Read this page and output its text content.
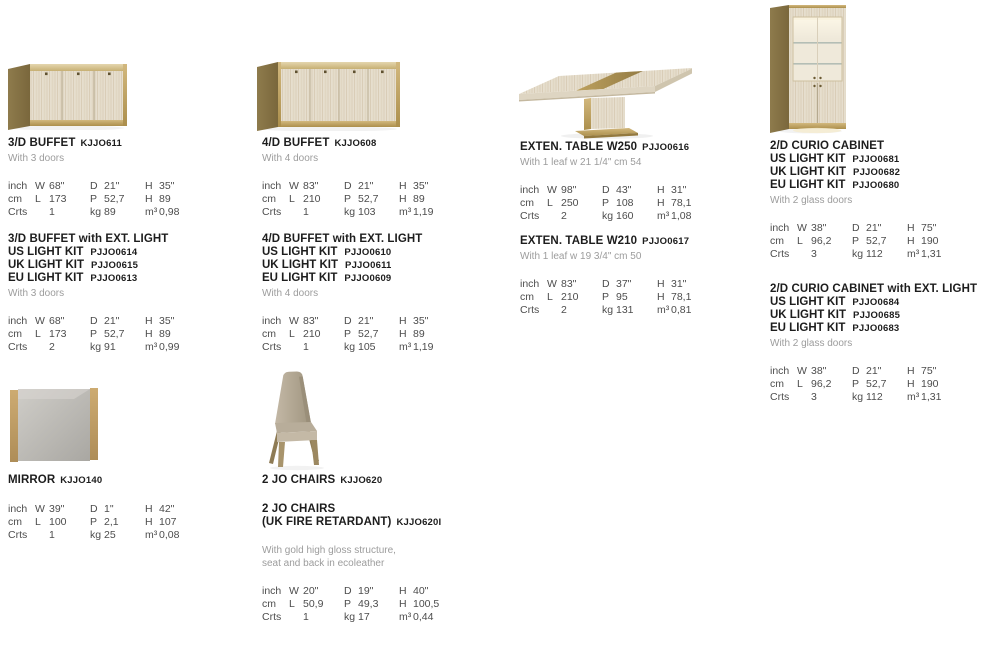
3/D BUFFET KJJO611
With 3 doors
inch W 68" D 21" H 35"
cm	L 173 P 52,7 H 89
Crts	1	kg 89	m³ 0,98
3/D BUFFET with EXT. LIGHT
US LIGHT KIT PJJO0614
UK LIGHT KIT PJJO0615
EU LIGHT KIT PJJO0613
With 3 doors
inch W 68" D 21" H 35"
cm	L 173 P 52,7 H 89
Crts	2	kg 91	m³ 0,99
MIRROR KJJO140
inch W 39" D 1"	H 42"
cm	L 100 P 2,1	H 107
Crts	1	kg 25	m³ 0,08
4/D BUFFET KJJO608
With 4 doors
inch W 83" D 21" H 35"
cm	L 210 P 52,7 H 89
Crts	1	kg 103 m³ 1,19
4/D BUFFET with EXT. LIGHT
US LIGHT KIT PJJO0610
UK LIGHT KIT PJJO0611
EU LIGHT KIT PJJO0609
With 4 doors
inch W 83" D 21" H 35"
cm	L 210 P 52,7 H 89
Crts	1	kg 105 m³ 1,19
2 JO CHAIRS KJJO620
2 JO CHAIRS
(UK FIRE RETARDANT) KJJO620I
With gold high gloss structure,
seat and back in ecoleather
inch W 20" D 19" H 40"
cm	L 50,9 P 49,3 H 100,5
Crts	1	kg 17	m³ 0,44
EXTEN. TABLE W250 PJJO0616
With 1 leaf w 21 1/4" cm 54
inch W 98" D 43" H 31"
cm	L 250 P 108 H 78,1
Crts	2	kg 160 m³ 1,08
EXTEN. TABLE W210 PJJO0617
With 1 leaf w 19 3/4" cm 50
inch W 83" D 37" H 31"
cm	L 210 P 95	H 78,1
Crts	2	kg 131 m³ 0,81
2/D CURIO CABINET
US LIGHT KIT PJJO0681
UK LIGHT KIT PJJO0682
EU LIGHT KIT PJJO0680
With 2 glass doors
inch W 38" D 21" H 75"
cm	L 96,2 P 52,7 H 190
Crts	3	kg 112 m³ 1,31
2/D CURIO CABINET with EXT. LIGHT
US LIGHT KIT PJJO0684
UK LIGHT KIT PJJO0685
EU LIGHT KIT PJJO0683
With 2 glass doors
inch W 38" D 21" H 75"
cm	L 96,2 P 52,7 H 190
Crts	3	kg 112 m³ 1,31
